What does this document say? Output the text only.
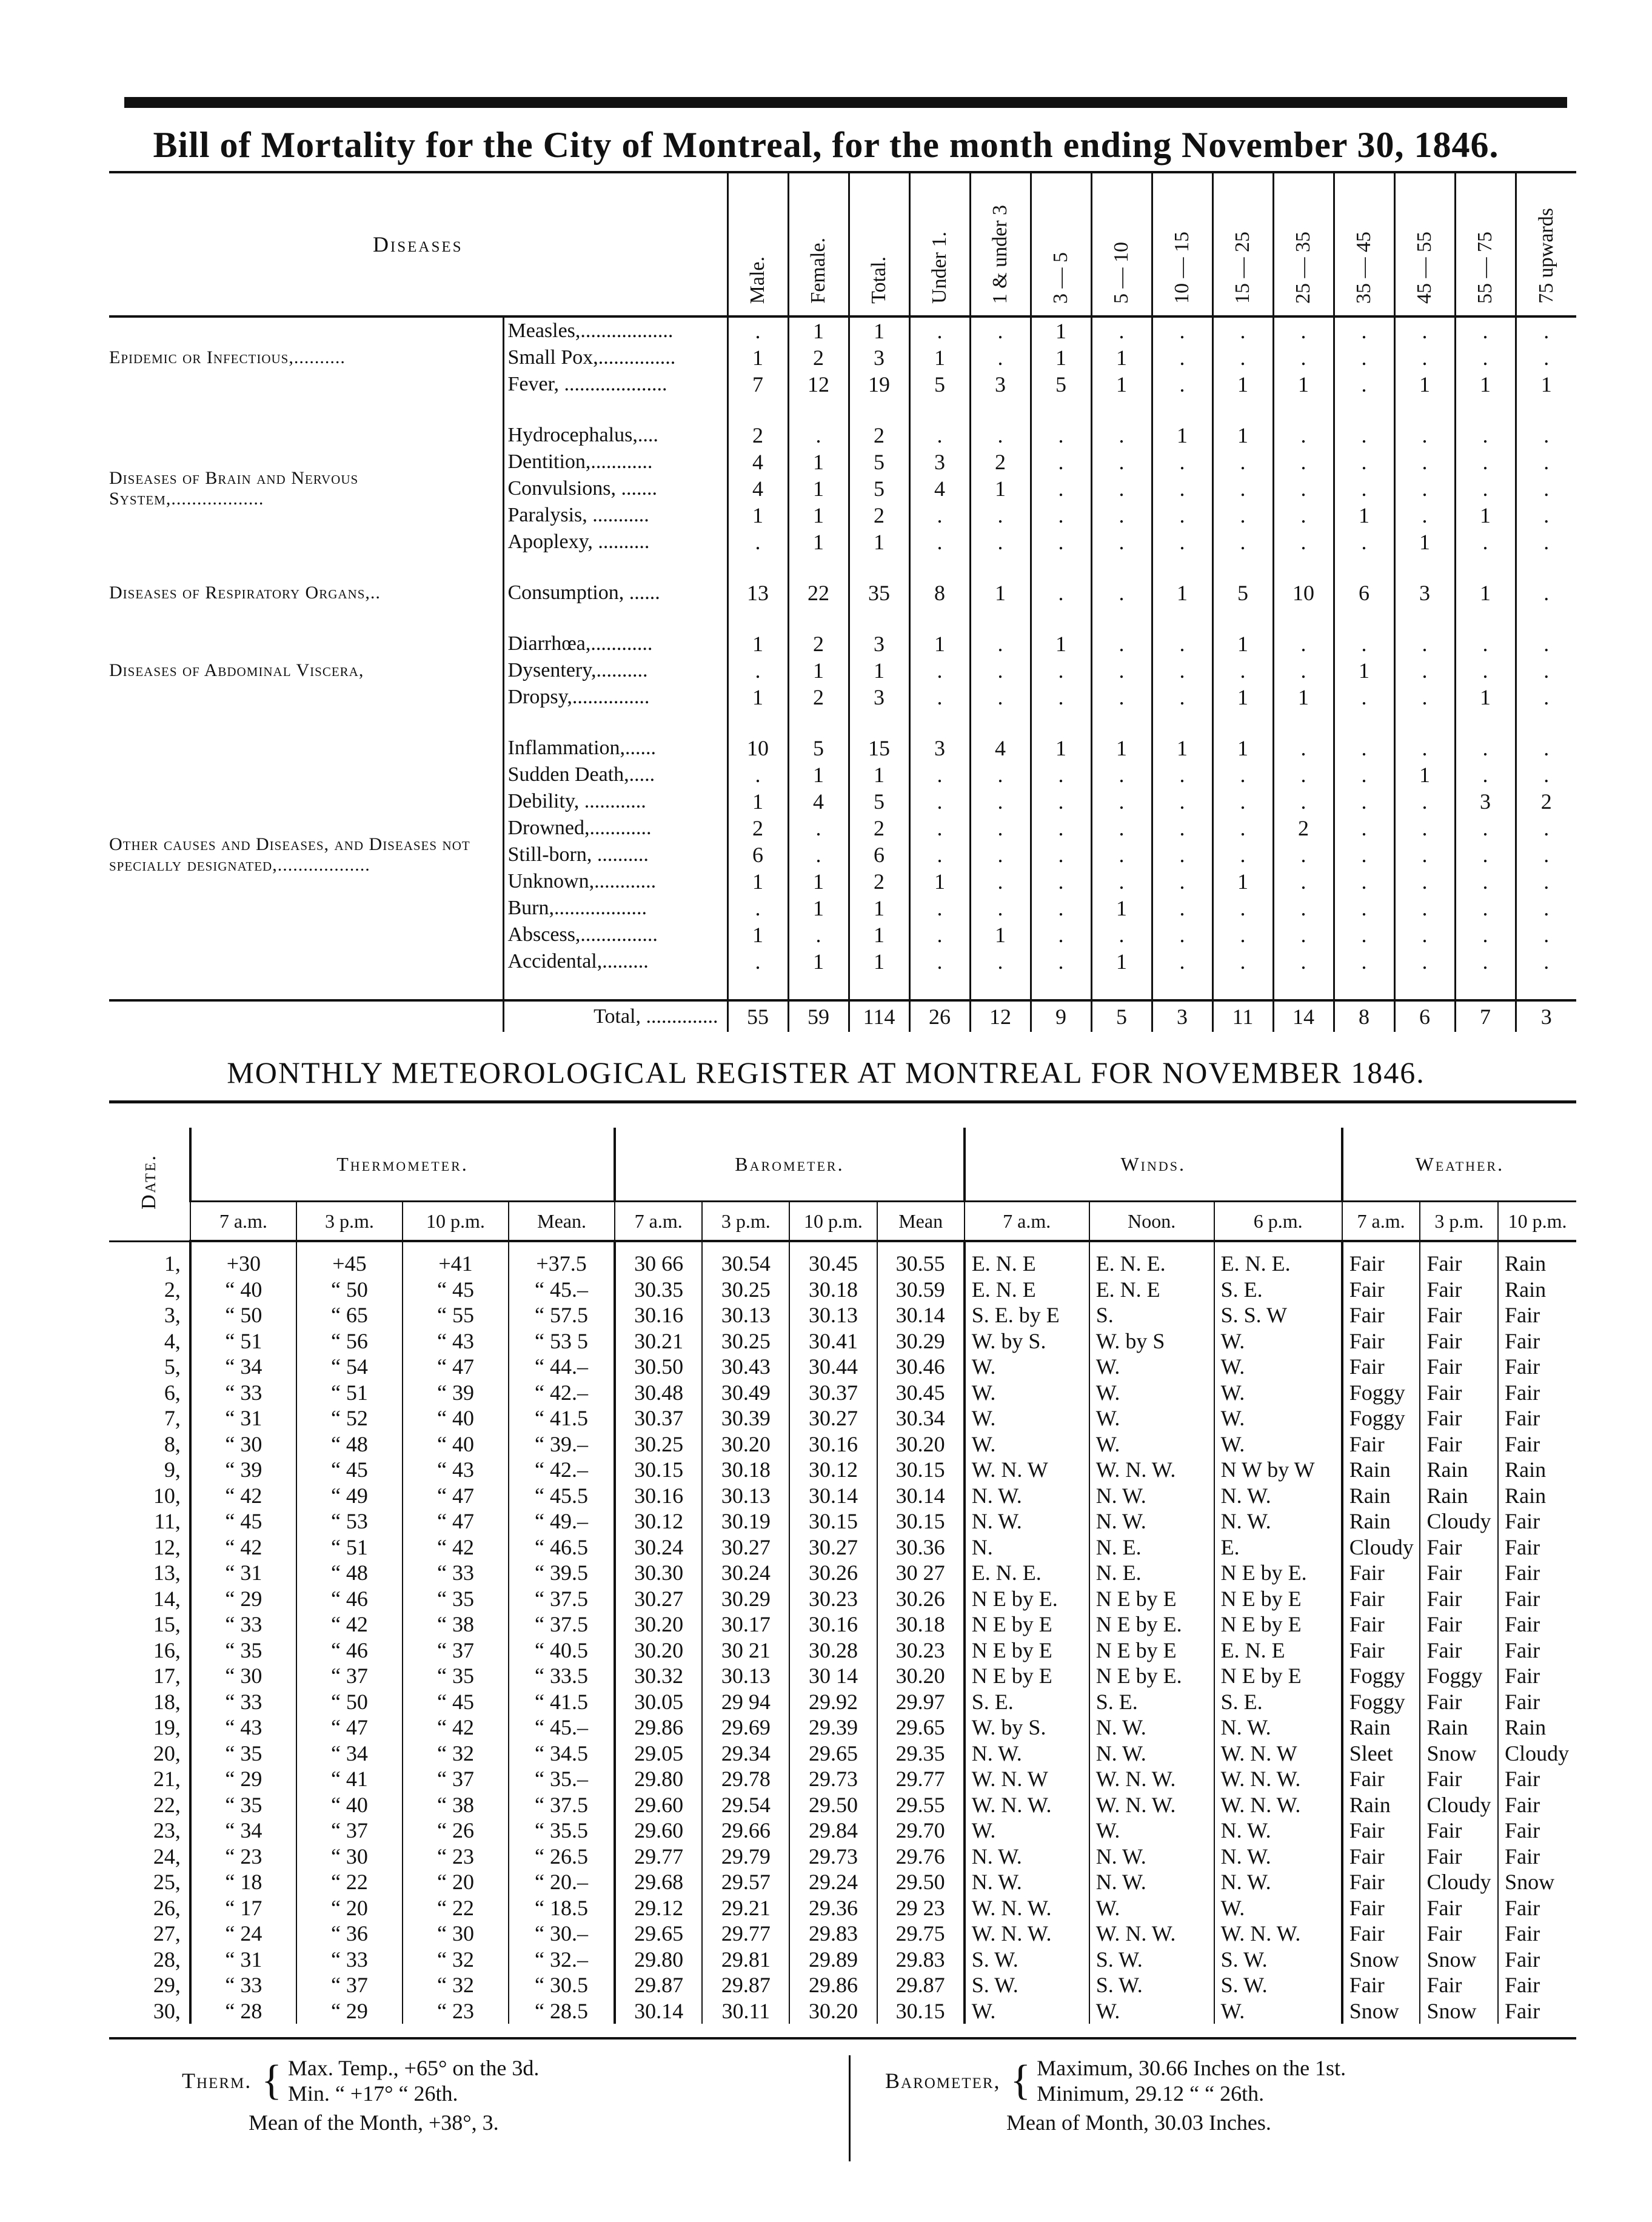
Bill of Mortality for the City of Montreal, for the month ending November 30, 1846.
Diseases		Male.	Female.	Total.	Under 1.	1 & under 3	3 — 5	5 — 10	10 — 15	15 — 25	25 — 35	35 — 45	45 — 55	55 — 75	75 upwards
Epidemic or Infectious,..........	Measles,..................	.	1	1	.	.	1	.	.	.	.	.	.	.	.
	Small Pox,...............	1	2	3	1	.	1	1	.	.	.	.	.	.	.
	Fever, ....................	7	12	19	5	3	5	1	.	1	1	.	1	1	1

Diseases of Brain and Nervous System,..................	Hydrocephalus,....	2	.	2	.	.	.	.	1	1	.	.	.	.	.
	Dentition,............	4	1	5	3	2	.	.	.	.	.	.	.	.	.
	Convulsions, .......	4	1	5	4	1	.	.	.	.	.	.	.	.	.
	Paralysis, ...........	1	1	2	.	.	.	.	.	.	.	1	.	1	.
	Apoplexy, ..........	.	1	1	.	.	.	.	.	.	.	.	1	.	.

Diseases of Respiratory Organs,..	Consumption, ......	13	22	35	8	1	.	.	1	5	10	6	3	1	.

Diseases of Abdominal Viscera,	Diarrhœa,............	1	2	3	1	.	1	.	.	1	.	.	.	.	.
	Dysentery,..........	.	1	1	.	.	.	.	.	.	.	1	.	.	.
	Dropsy,...............	1	2	3	.	.	.	.	.	1	1	.	.	1	.

Other causes and Diseases, and Diseases not specially designated,..................	Inflammation,......	10	5	15	3	4	1	1	1	1	.	.	.	.	.
	Sudden Death,.....	.	1	1	.	.	.	.	.	.	.	.	1	.	.
	Debility, ............	1	4	5	.	.	.	.	.	.	.	.	.	3	2
	Drowned,............	2	.	2	.	.	.	.	.	.	2	.	.	.	.
	Still-born, ..........	6	.	6	.	.	.	.	.	.	.	.	.	.	.
	Unknown,............	1	1	2	1	.	.	.	.	1	.	.	.	.	.
	Burn,..................	.	1	1	.	.	.	1	.	.	.	.	.	.	.
	Abscess,...............	1	.	1	.	1	.	.	.	.	.	.	.	.	.
	Accidental,.........	.	1	1	.	.	.	1	.	.	.	.	.	.	.

	Total, ..............	55	59	114	26	12	9	5	3	11	14	8	6	7	3
MONTHLY METEOROLOGICAL REGISTER AT MONTREAL FOR NOVEMBER 1846.
Date.	Thermometer.				Barometer.				Winds.			Weather.		
	7 a.m.	3 p.m.	10 p.m.	Mean.	7 a.m.	3 p.m.	10 p.m.	Mean	7 a.m.	Noon.	6 p.m.	7 a.m.	3 p.m.	10 p.m.
1,	+30	+45	+41	+37.5	30 66	30.54	30.45	30.55	E. N. E	E. N. E.	E. N. E.	Fair	Fair	Rain
2,	“ 40	“ 50	“ 45	“ 45.–	30.35	30.25	30.18	30.59	E. N. E	E. N. E	S. E.	Fair	Fair	Rain
3,	“ 50	“ 65	“ 55	“ 57.5	30.16	30.13	30.13	30.14	S. E. by E	S.	S. S. W	Fair	Fair	Fair
4,	“ 51	“ 56	“ 43	“ 53 5	30.21	30.25	30.41	30.29	W. by S.	W. by S	W.	Fair	Fair	Fair
5,	“ 34	“ 54	“ 47	“ 44.–	30.50	30.43	30.44	30.46	W.	W.	W.	Fair	Fair	Fair
6,	“ 33	“ 51	“ 39	“ 42.–	30.48	30.49	30.37	30.45	W.	W.	W.	Foggy	Fair	Fair
7,	“ 31	“ 52	“ 40	“ 41.5	30.37	30.39	30.27	30.34	W.	W.	W.	Foggy	Fair	Fair
8,	“ 30	“ 48	“ 40	“ 39.–	30.25	30.20	30.16	30.20	W.	W.	W.	Fair	Fair	Fair
9,	“ 39	“ 45	“ 43	“ 42.–	30.15	30.18	30.12	30.15	W. N. W	W. N. W.	N W by W	Rain	Rain	Rain
10,	“ 42	“ 49	“ 47	“ 45.5	30.16	30.13	30.14	30.14	N. W.	N. W.	N. W.	Rain	Rain	Rain
11,	“ 45	“ 53	“ 47	“ 49.–	30.12	30.19	30.15	30.15	N. W.	N. W.	N. W.	Rain	Cloudy	Fair
12,	“ 42	“ 51	“ 42	“ 46.5	30.24	30.27	30.27	30.36	N.	N. E.	E.	Cloudy	Fair	Fair
13,	“ 31	“ 48	“ 33	“ 39.5	30.30	30.24	30.26	30 27	E. N. E.	N. E.	N E by E.	Fair	Fair	Fair
14,	“ 29	“ 46	“ 35	“ 37.5	30.27	30.29	30.23	30.26	N E by E.	N E by E	N E by E	Fair	Fair	Fair
15,	“ 33	“ 42	“ 38	“ 37.5	30.20	30.17	30.16	30.18	N E by E	N E by E.	N E by E	Fair	Fair	Fair
16,	“ 35	“ 46	“ 37	“ 40.5	30.20	30 21	30.28	30.23	N E by E	N E by E	E. N. E	Fair	Fair	Fair
17,	“ 30	“ 37	“ 35	“ 33.5	30.32	30.13	30 14	30.20	N E by E	N E by E.	N E by E	Foggy	Foggy	Fair
18,	“ 33	“ 50	“ 45	“ 41.5	30.05	29 94	29.92	29.97	S. E.	S. E.	S. E.	Foggy	Fair	Fair
19,	“ 43	“ 47	“ 42	“ 45.–	29.86	29.69	29.39	29.65	W. by S.	N. W.	N. W.	Rain	Rain	Rain
20,	“ 35	“ 34	“ 32	“ 34.5	29.05	29.34	29.65	29.35	N. W.	N. W.	W. N. W	Sleet	Snow	Cloudy
21,	“ 29	“ 41	“ 37	“ 35.–	29.80	29.78	29.73	29.77	W. N. W	W. N. W.	W. N. W.	Fair	Fair	Fair
22,	“ 35	“ 40	“ 38	“ 37.5	29.60	29.54	29.50	29.55	W. N. W.	W. N. W.	W. N. W.	Rain	Cloudy	Fair
23,	“ 34	“ 37	“ 26	“ 35.5	29.60	29.66	29.84	29.70	W.	W.	N. W.	Fair	Fair	Fair
24,	“ 23	“ 30	“ 23	“ 26.5	29.77	29.79	29.73	29.76	N. W.	N. W.	N. W.	Fair	Fair	Fair
25,	“ 18	“ 22	“ 20	“ 20.–	29.68	29.57	29.24	29.50	N. W.	N. W.	N. W.	Fair	Cloudy	Snow
26,	“ 17	“ 20	“ 22	“ 18.5	29.12	29.21	29.36	29 23	W. N. W.	W.	W.	Fair	Fair	Fair
27,	“ 24	“ 36	“ 30	“ 30.–	29.65	29.77	29.83	29.75	W. N. W.	W. N. W.	W. N. W.	Fair	Fair	Fair
28,	“ 31	“ 33	“ 32	“ 32.–	29.80	29.81	29.89	29.83	S. W.	S. W.	S. W.	Snow	Snow	Fair
29,	“ 33	“ 37	“ 32	“ 30.5	29.87	29.87	29.86	29.87	S. W.	S. W.	S. W.	Fair	Fair	Fair
30,	“ 28	“ 29	“ 23	“ 28.5	30.14	30.11	30.20	30.15	W.	W.	W.	Snow	Snow	Fair
Therm. { Max. Temp., +65° on the 3d.
Min. “ +17° “ 26th.
Mean of the Month, +38°, 3.
Barometer, { Maximum, 30.66 Inches on the 1st.
Minimum, 29.12 “ “ 26th.
Mean of Month, 30.03 Inches.
